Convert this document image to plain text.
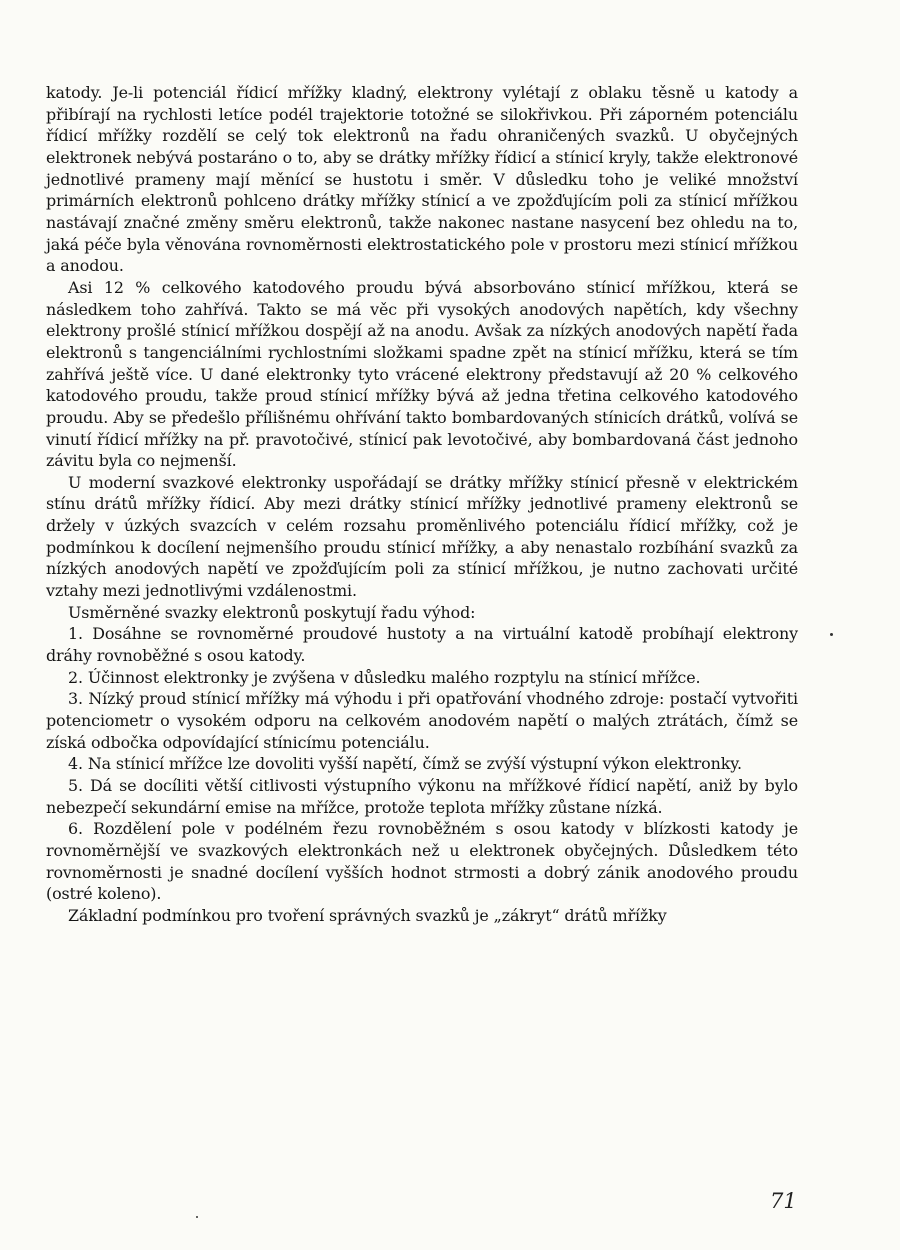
katody. Je-li potenciál řídicí mřížky kladný, elektrony vylétají z oblaku těsně u katody a přibírají na rychlosti letíce podél trajektorie totožné se silokřivkou. Při záporném potenciálu řídicí mřížky rozdělí se celý tok elektronů na řadu ohraničených svazků. U obyčejných elektronek nebývá postaráno o to, aby se drátky mřížky řídicí a stínicí kryly, takže elektronové jednotlivé prameny mají měnící se hustotu i směr. V důsledku toho je veliké množství primárních elektronů pohlceno drátky mřížky stínicí a ve zpožďujícím poli za stínicí mřížkou nastávají značné změny směru elektronů, takže nakonec nastane nasycení bez ohledu na to, jaká péče byla věnována rovnoměrnosti elektrostatického pole v prostoru mezi stínicí mřížkou a anodou.

Asi 12 % celkového katodového proudu bývá absorbováno stínicí mřížkou, která se následkem toho zahřívá. Takto se má věc při vysokých anodových napětích, kdy všechny elektrony prošlé stínicí mřížkou dospějí až na anodu. Avšak za nízkých anodových napětí řada elektronů s tangenciálními rychlostními složkami spadne zpět na stínicí mřížku, která se tím zahřívá ještě více. U dané elektronky tyto vrácené elektrony představují až 20 % celkového katodového proudu, takže proud stínicí mřížky bývá až jedna třetina celkového katodového proudu. Aby se předešlo přílišnému ohřívání takto bombardovaných stínicích drátků, volívá se vinutí řídicí mřížky na př. pravotočivé, stínicí pak levotočivé, aby bombardovaná část jednoho závitu byla co nejmenší.

U moderní svazkové elektronky uspořádají se drátky mřížky stínicí přesně v elektrickém stínu drátů mřížky řídicí. Aby mezi drátky stínicí mřížky jednotlivé prameny elektronů se držely v úzkých svazcích v celém rozsahu proměnlivého potenciálu řídicí mřížky, což je podmínkou k docílení nejmenšího proudu stínicí mřížky, a aby nenastalo rozbíhání svazků za nízkých anodových napětí ve zpožďujícím poli za stínicí mřížkou, je nutno zachovati určité vztahy mezi jednotlivými vzdálenostmi.

Usměrněné svazky elektronů poskytují řadu výhod:

1. Dosáhne se rovnoměrné proudové hustoty a na virtuální katodě probíhají elektrony dráhy rovnoběžné s osou katody.

2. Účinnost elektronky je zvýšena v důsledku malého rozptylu na stínicí mřížce.

3. Nízký proud stínicí mřížky má výhodu i při opatřování vhodného zdroje: postačí vytvořiti potenciometr o vysokém odporu na celkovém anodovém napětí o malých ztrátách, čímž se získá odbočka odpovídající stínicímu potenciálu.

4. Na stínicí mřížce lze dovoliti vyšší napětí, čímž se zvýší výstupní výkon elektronky.

5. Dá se docíliti větší citlivosti výstupního výkonu na mřížkové řídicí napětí, aniž by bylo nebezpečí sekundární emise na mřížce, protože teplota mřížky zůstane nízká.

6. Rozdělení pole v podélném řezu rovnoběžném s osou katody v blízkosti katody je rovnoměrnější ve svazkových elektronkách než u elektronek obyčejných. Důsledkem této rovnoměrnosti je snadné docílení vyšších hodnot strmosti a dobrý zánik anodového proudu (ostré koleno).

Základní podmínkou pro tvoření správných svazků je „zákryt“ drátů mřížky

71
